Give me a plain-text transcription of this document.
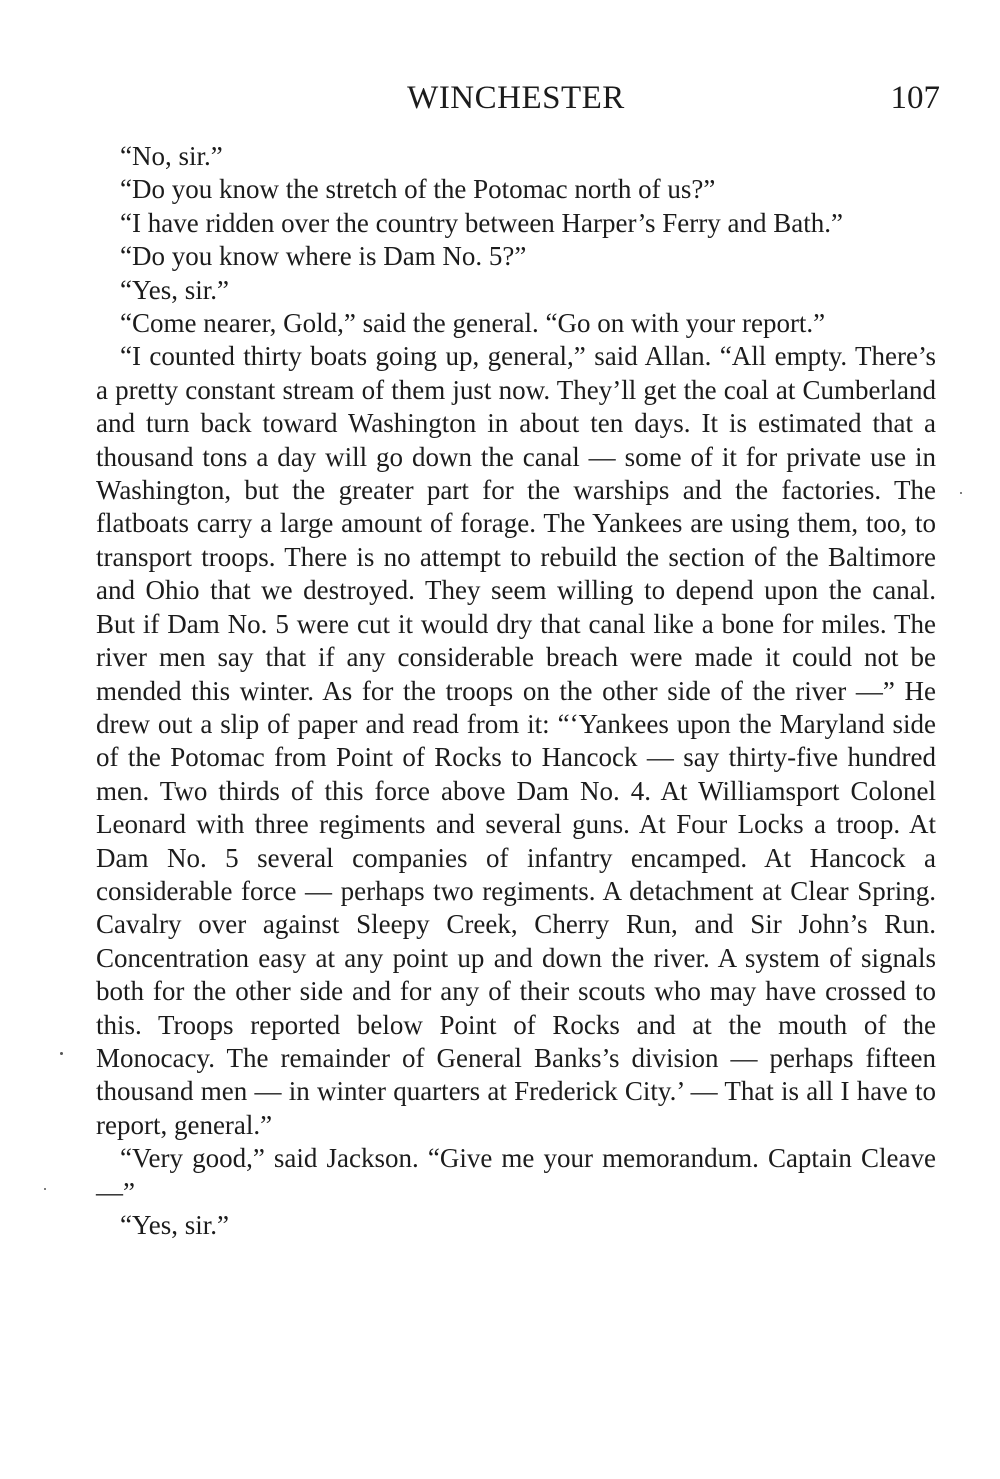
WINCHESTER	107

“No, sir.”

“Do you know the stretch of the Potomac north of us?”

“I have ridden over the country between Harper’s Ferry and Bath.”

“Do you know where is Dam No. 5?”

“Yes, sir.”

“Come nearer, Gold,” said the general. “Go on with your report.”

“I counted thirty boats going up, general,” said Allan. “All empty. There’s a pretty constant stream of them just now. They’ll get the coal at Cumberland and turn back toward Washington in about ten days. It is estimated that a thousand tons a day will go down the canal — some of it for private use in Washington, but the greater part for the warships and the factories. The flatboats carry a large amount of forage. The Yankees are using them, too, to transport troops. There is no attempt to rebuild the section of the Baltimore and Ohio that we destroyed. They seem willing to depend upon the canal. But if Dam No. 5 were cut it would dry that canal like a bone for miles. The river men say that if any considerable breach were made it could not be mended this winter. As for the troops on the other side of the river —” He drew out a slip of paper and read from it: “‘Yankees upon the Maryland side of the Potomac from Point of Rocks to Hancock — say thirty-five hundred men. Two thirds of this force above Dam No. 4. At Williamsport Colonel Leonard with three regiments and several guns. At Four Locks a troop. At Dam No. 5 several companies of infantry encamped. At Hancock a considerable force — perhaps two regiments. A detachment at Clear Spring. Cavalry over against Sleepy Creek, Cherry Run, and Sir John’s Run. Concentration easy at any point up and down the river. A system of signals both for the other side and for any of their scouts who may have crossed to this. Troops reported below Point of Rocks and at the mouth of the Monocacy. The remainder of General Banks’s division — perhaps fifteen thousand men — in winter quarters at Frederick City.’ — That is all I have to report, general.”

“Very good,” said Jackson. “Give me your memorandum. Captain Cleave —”

“Yes, sir.”
